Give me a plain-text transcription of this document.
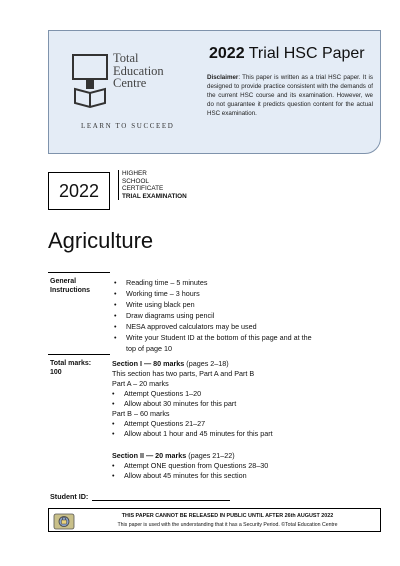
Total
Education
Centre
LEARN TO SUCCEED
2022 Trial HSC Paper
Disclaimer: This paper is written as a trial HSC paper. It is designed to provide practice consistent with the demands of the current HSC course and its examination. However, we do not guarantee it predicts question content for the actual HSC examination.
2022
HIGHER
SCHOOL
CERTIFICATE
TRIAL EXAMINATION
Agriculture
General
Instructions
• Reading time – 5 minutes
• Working time – 3 hours
• Write using black pen
• Draw diagrams using pencil
• NESA approved calculators may be used
• Write your Student ID at the bottom of this page and at the
top of page 10
Total marks:
100
Section I — 80 marks (pages 2–18)
This section has two parts, Part A and Part B
Part A – 20 marks
• Attempt Questions 1–20
• Allow about 30 minutes for this part
Part B – 60 marks
• Attempt Questions 21–27
• Allow about 1 hour and 45 minutes for this part
Section II — 20 marks (pages 21–22)
• Attempt ONE question from Questions 28–30
• Allow about 45 minutes for this section
Student ID:
THIS PAPER CANNOT BE RELEASED IN PUBLIC UNTIL AFTER 26th AUGUST 2022
This paper is used with the understanding that it has a Security Period. ©Total Education Centre
